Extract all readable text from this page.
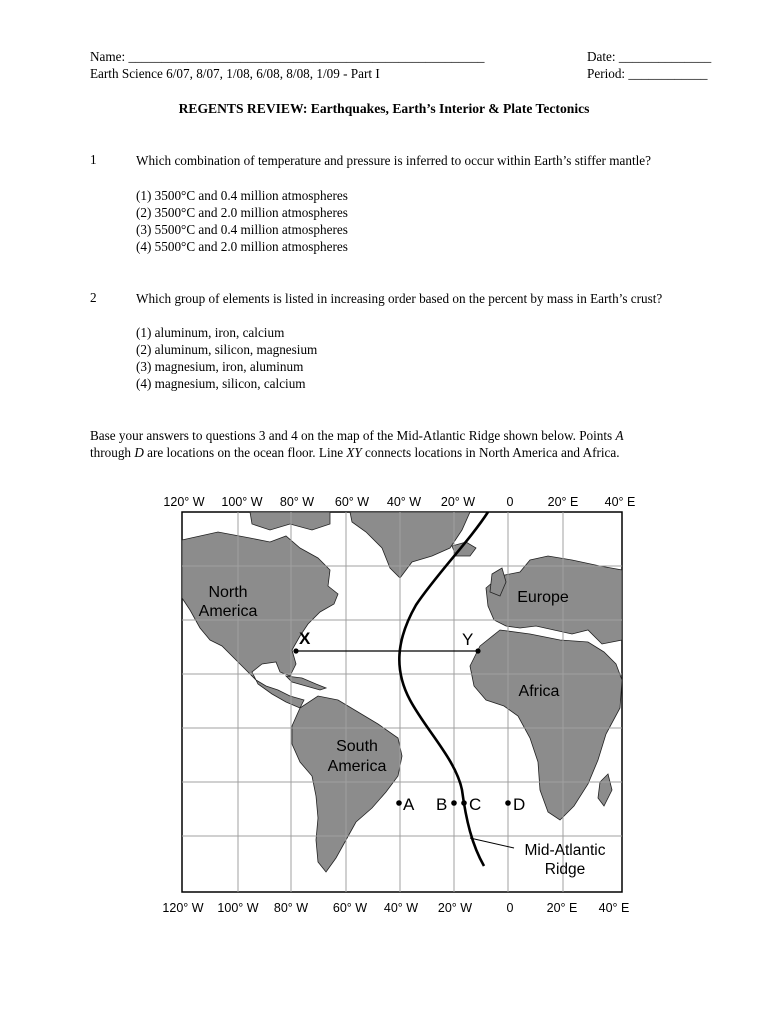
Name: ______________________________________________________
Earth Science 6/07, 8/07, 1/08, 6/08, 8/08, 1/09 - Part I
Date: ______________
Period: ____________
REGENTS REVIEW: Earthquakes, Earth’s Interior & Plate Tectonics
1	Which combination of temperature and pressure is inferred to occur within Earth’s stiffer mantle?
(1) 3500°C and 0.4 million atmospheres
(2) 3500°C and 2.0 million atmospheres
(3) 5500°C and 0.4 million atmospheres
(4) 5500°C and 2.0 million atmospheres
2	Which group of elements is listed in increasing order based on the percent by mass in Earth’s crust?
(1) aluminum, iron, calcium
(2) aluminum, silicon, magnesium
(3) magnesium, iron, aluminum
(4) magnesium, silicon, calcium
Base your answers to questions 3 and 4 on the map of the Mid-Atlantic Ridge shown below. Points A
through D are locations on the ocean floor. Line XY connects locations in North America and Africa.
120° W 100° W 80° W 60° W 40° W 20° W	0	20° E 40° E
120° W 100° W 80° W 60° W 40° W 20° W	0	20° E 40° E
North
America
South
America
Europe
Africa
A B C D
X	Y
Mid-Atlantic
Ridge
